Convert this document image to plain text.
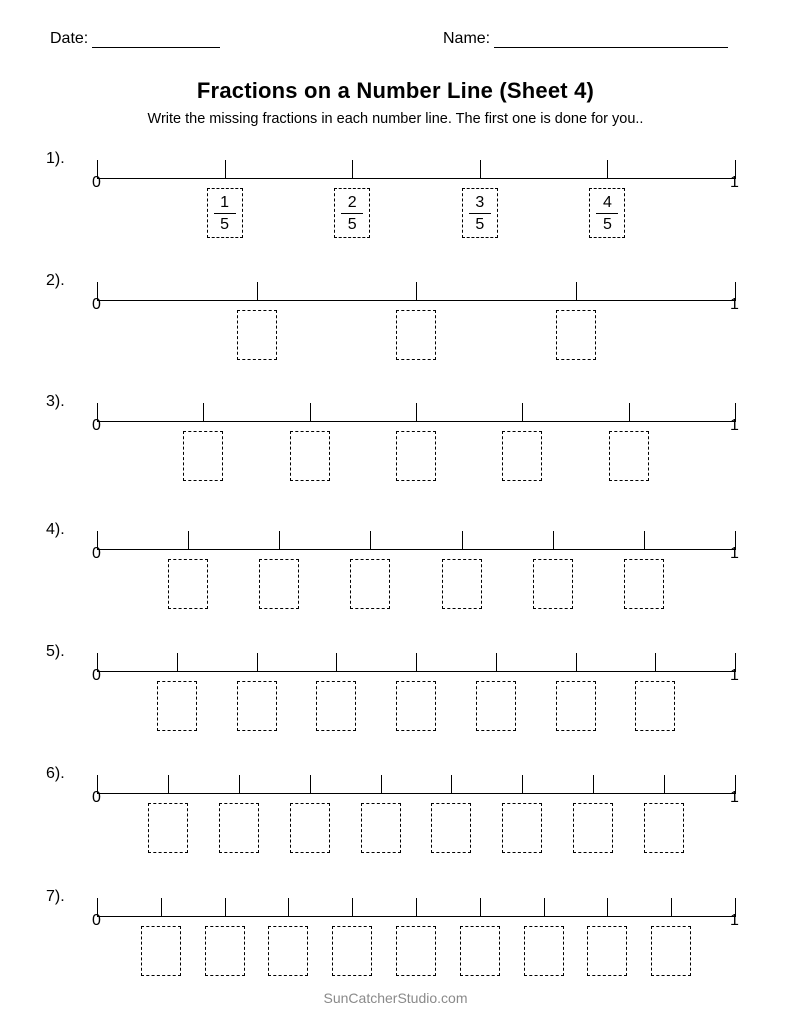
Date:	Name:
Fractions on a Number Line (Sheet 4)
Write the missing fractions in each number line. The first one is done for you..
1).
0	1
1
5
2
5
3
5
4
5
2).
0	1
3).
0	1
4).
0	1
5).
0	1
6).
0	1
7).
0	1
SunCatcherStudio.com
